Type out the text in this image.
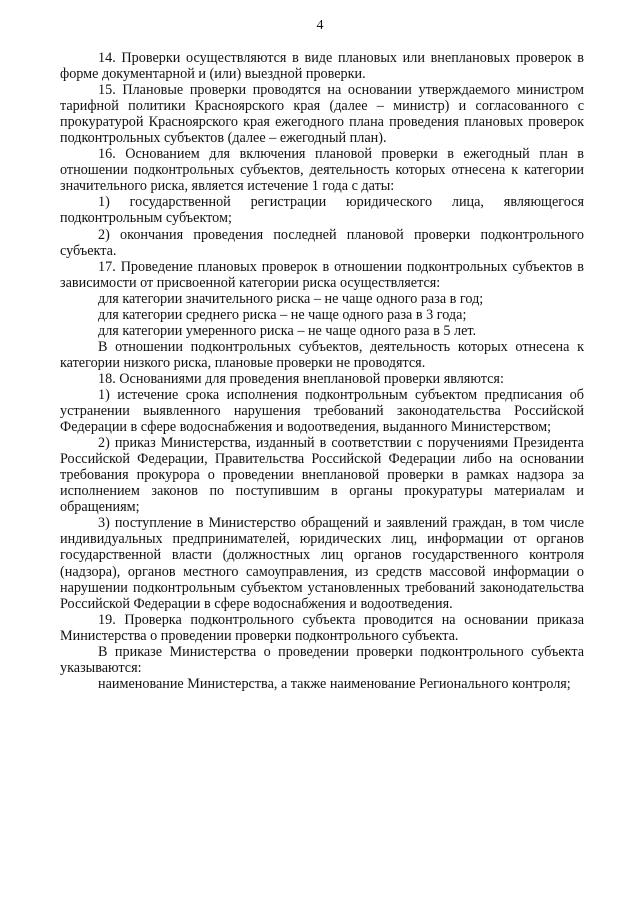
4

14. Проверки осуществляются в виде плановых или внеплановых проверок в форме документарной и (или) выездной проверки.

15. Плановые проверки проводятся на основании утверждаемого министром тарифной политики Красноярского края (далее – министр) и согласованного с прокуратурой Красноярского края ежегодного плана проведения плановых проверок подконтрольных субъектов (далее – ежегодный план).

16. Основанием для включения плановой проверки в ежегодный план в отношении подконтрольных субъектов, деятельность которых отнесена к категории значительного риска, является истечение 1 года с даты:

1) государственной регистрации юридического лица, являющегося подконтрольным субъектом;

2) окончания проведения последней плановой проверки подконтрольного субъекта.

17. Проведение плановых проверок в отношении подконтрольных субъектов в зависимости от присвоенной категории риска осуществляется:

для категории значительного риска – не чаще одного раза в год;

для категории среднего риска – не чаще одного раза в 3 года;

для категории умеренного риска – не чаще одного раза в 5 лет.

В отношении подконтрольных субъектов, деятельность которых отнесена к категории низкого риска, плановые проверки не проводятся.

18. Основаниями для проведения внеплановой проверки являются:

1) истечение срока исполнения подконтрольным субъектом предписания об устранении выявленного нарушения требований законодательства Российской Федерации в сфере водоснабжения и водоотведения, выданного Министерством;

2) приказ Министерства, изданный в соответствии с поручениями Президента Российской Федерации, Правительства Российской Федерации либо на основании требования прокурора о проведении внеплановой проверки в рамках надзора за исполнением законов по поступившим в органы прокуратуры материалам и обращениям;

3) поступление в Министерство обращений и заявлений граждан, в том числе индивидуальных предпринимателей, юридических лиц, информации от органов государственной власти (должностных лиц органов государственного контроля (надзора), органов местного самоуправления, из средств массовой информации о нарушении подконтрольным субъектом установленных требований законодательства Российской Федерации в сфере водоснабжения и водоотведения.

19. Проверка подконтрольного субъекта проводится на основании приказа Министерства о проведении проверки подконтрольного субъекта.

В приказе Министерства о проведении проверки подконтрольного субъекта указываются:

наименование Министерства, а также наименование Регионального контроля;
